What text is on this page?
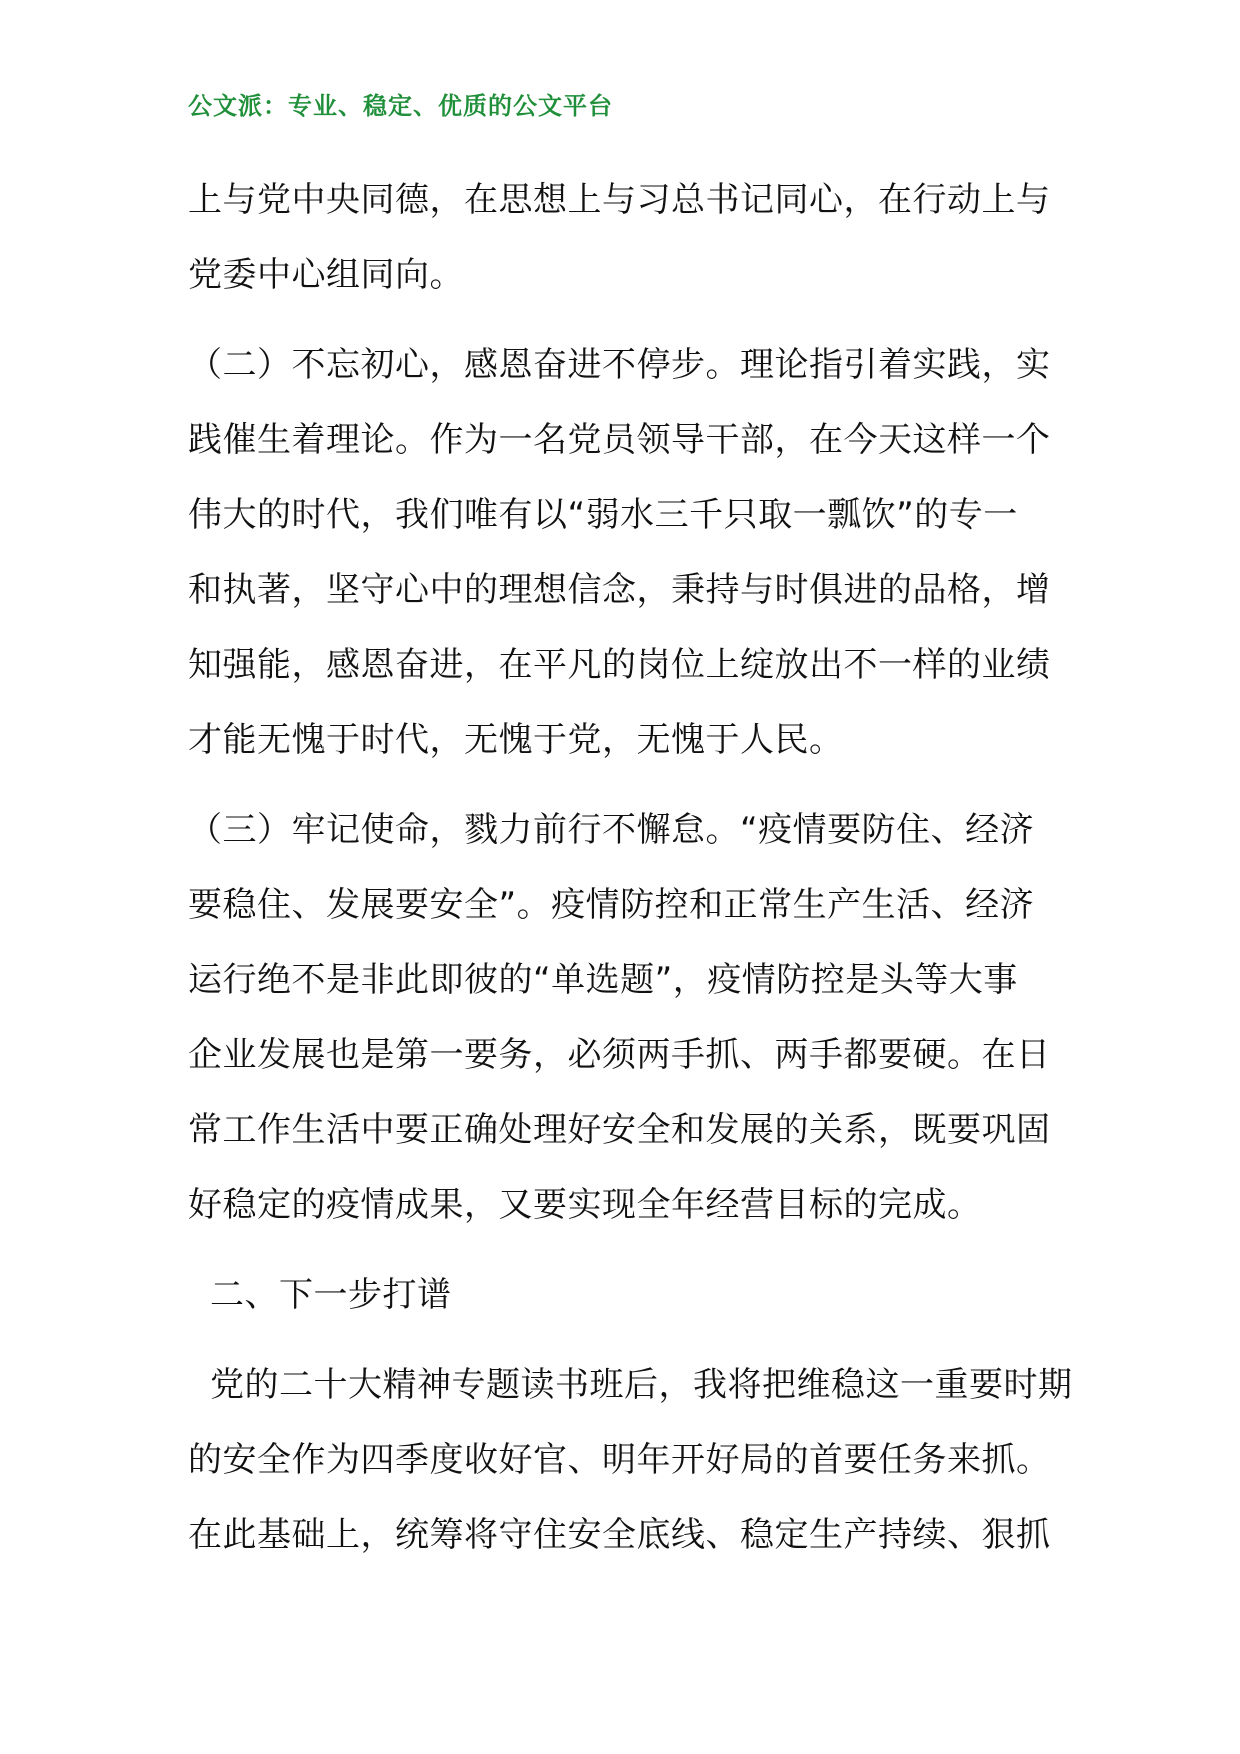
公文派：专业、稳定、优质的公文平台
上与党中央同德，在思想上与习总书记同心，在行动上与
党委中心组同向。
（二）不忘初心，感恩奋进不停步。理论指引着实践，实
践催生着理论。作为一名党员领导干部，在今天这样一个
伟大的时代，我们唯有以“弱水三千只取一瓢饮”的专一
和执著，坚守心中的理想信念，秉持与时俱进的品格，增
知强能，感恩奋进，在平凡的岗位上绽放出不一样的业绩
才能无愧于时代，无愧于党，无愧于人民。
（三）牢记使命，戮力前行不懈怠。“疫情要防住、经济
要稳住、发展要安全”。疫情防控和正常生产生活、经济
运行绝不是非此即彼的“单选题”，疫情防控是头等大事
企业发展也是第一要务，必须两手抓、两手都要硬。在日
常工作生活中要正确处理好安全和发展的关系，既要巩固
好稳定的疫情成果，又要实现全年经营目标的完成。
二、下一步打谱
党的二十大精神专题读书班后，我将把维稳这一重要时期
的安全作为四季度收好官、明年开好局的首要任务来抓。
在此基础上，统筹将守住安全底线、稳定生产持续、狠抓
